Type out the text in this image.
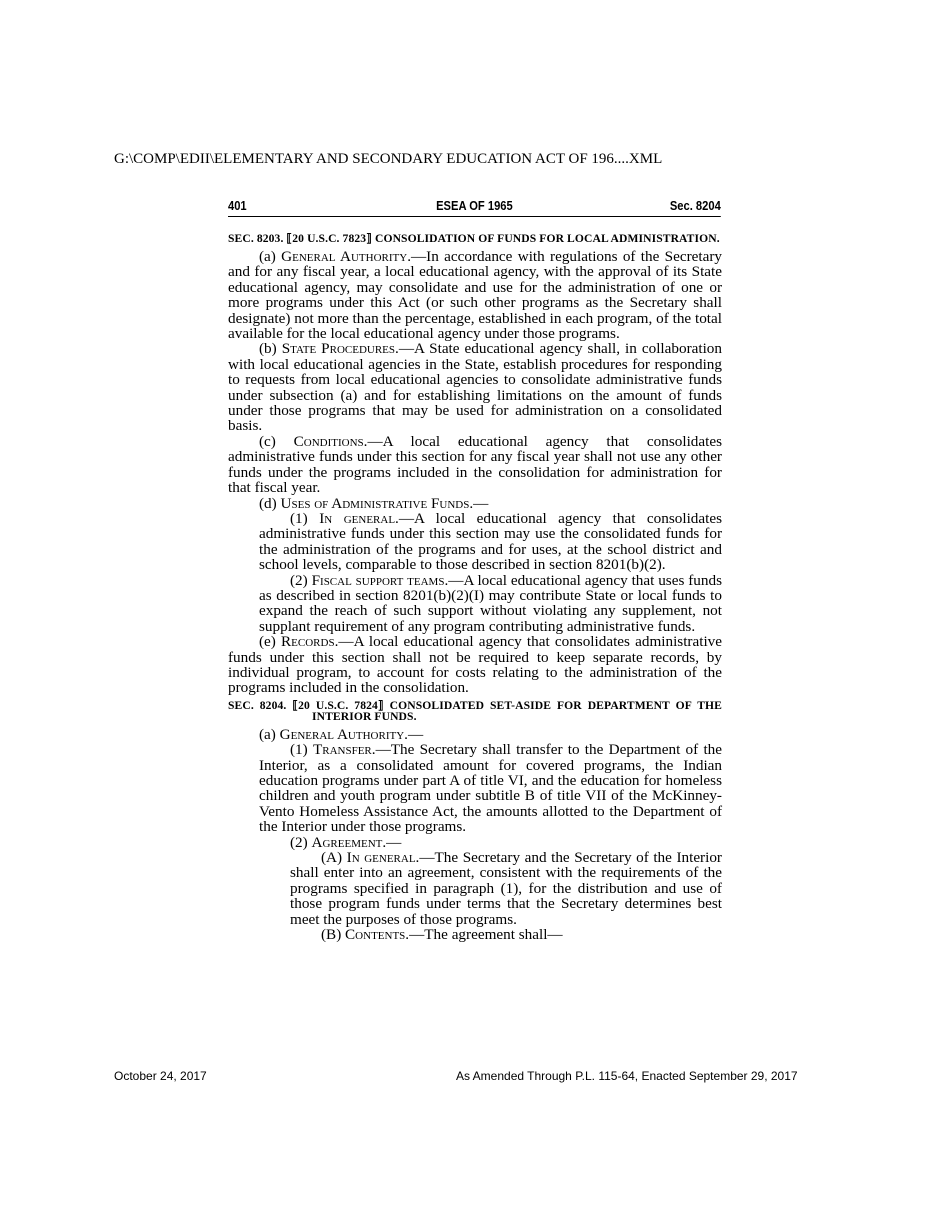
G:\COMP\EDII\ELEMENTARY AND SECONDARY EDUCATION ACT OF 196....XML
401	ESEA OF 1965	Sec. 8204

SEC. 8203. ⟦20 U.S.C. 7823⟧ CONSOLIDATION OF FUNDS FOR LOCAL ADMINISTRATION.

(a) General Authority.—In accordance with regulations of the Secretary and for any fiscal year, a local educational agency, with the approval of its State educational agency, may consolidate and use for the administration of one or more programs under this Act (or such other programs as the Secretary shall designate) not more than the percentage, established in each program, of the total available for the local educational agency under those programs.

(b) State Procedures.—A State educational agency shall, in collaboration with local educational agencies in the State, establish procedures for responding to requests from local educational agencies to consolidate administrative funds under subsection (a) and for establishing limitations on the amount of funds under those programs that may be used for administration on a consolidated basis.

(c) Conditions.—A local educational agency that consolidates administrative funds under this section for any fiscal year shall not use any other funds under the programs included in the consolidation for administration for that fiscal year.

(d) Uses of Administrative Funds.—

(1) In general.—A local educational agency that consolidates administrative funds under this section may use the consolidated funds for the administration of the programs and for uses, at the school district and school levels, comparable to those described in section 8201(b)(2).

(2) Fiscal support teams.—A local educational agency that uses funds as described in section 8201(b)(2)(I) may contribute State or local funds to expand the reach of such support without violating any supplement, not supplant requirement of any program contributing administrative funds.

(e) Records.—A local educational agency that consolidates administrative funds under this section shall not be required to keep separate records, by individual program, to account for costs relating to the administration of the programs included in the consolidation.

SEC. 8204. ⟦20 U.S.C. 7824⟧ CONSOLIDATED SET-ASIDE FOR DEPARTMENT OF THE INTERIOR FUNDS.

(a) General Authority.—

(1) Transfer.—The Secretary shall transfer to the Department of the Interior, as a consolidated amount for covered programs, the Indian education programs under part A of title VI, and the education for homeless children and youth program under subtitle B of title VII of the McKinney-Vento Homeless Assistance Act, the amounts allotted to the Department of the Interior under those programs.

(2) Agreement.—

(A) In general.—The Secretary and the Secretary of the Interior shall enter into an agreement, consistent with the requirements of the programs specified in paragraph (1), for the distribution and use of those program funds under terms that the Secretary determines best meet the purposes of those programs.

(B) Contents.—The agreement shall—

October 24, 2017	As Amended Through P.L. 115-64, Enacted September 29, 2017
